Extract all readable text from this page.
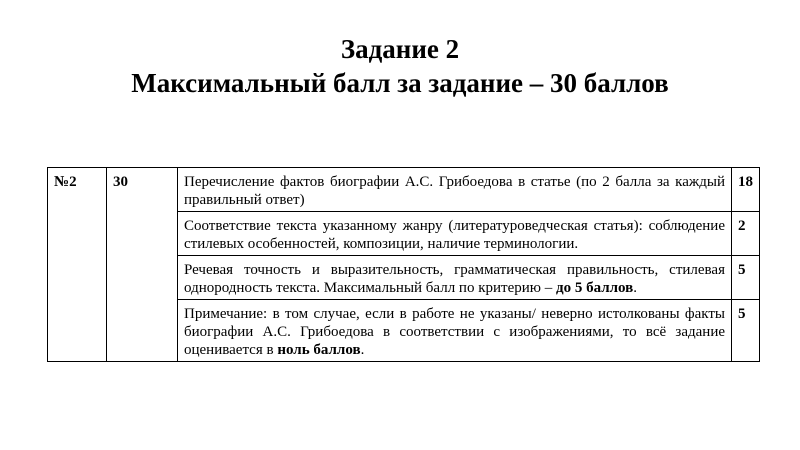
Задание 2
Максимальный балл за задание – 30 баллов
№2	30	Перечисление фактов биографии А.С. Грибоедова в статье (по 2 балла за каждый правильный ответ)	18
		Соответствие текста указанному жанру (литературоведческая статья): соблюдение стилевых особенностей, композиции, наличие терминологии.	2
		Речевая точность и выразительность, грамматическая правильность, стилевая однородность текста. Максимальный балл по критерию – до 5 баллов.	5
		Примечание: в том случае, если в работе не указаны/ неверно истолкованы факты биографии А.С. Грибоедова в соответствии с изображениями, то всё задание оценивается в ноль баллов.	5
